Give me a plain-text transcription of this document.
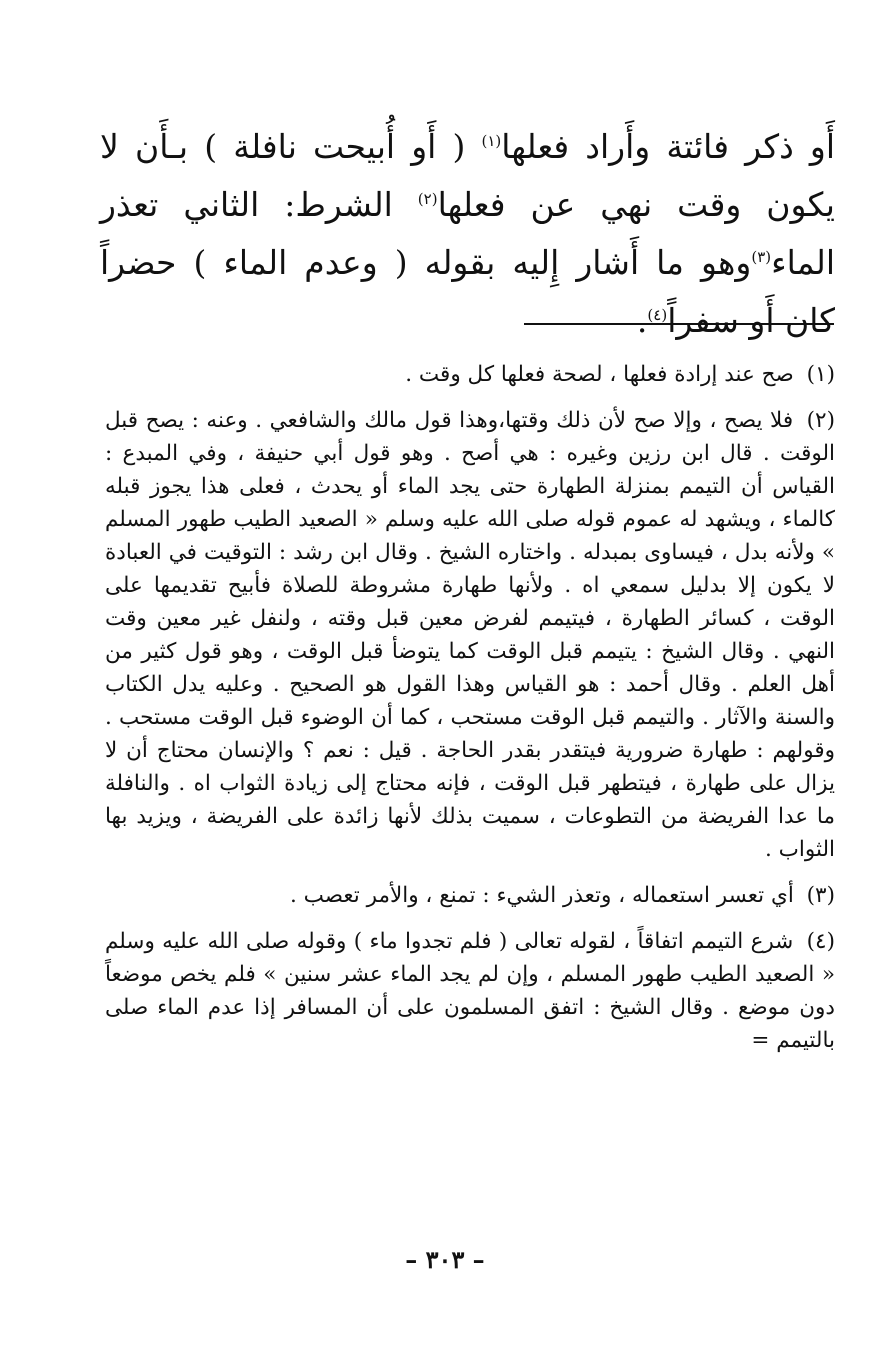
أَو ذكر فائتة وأَراد فعلها$^{(١)}$ ( أَو أُبيحت نافلة ) بـأَن لا يكون وقت نهي عن فعلها$^{(٢)}$ الشرط: الثاني تعذر الماء$^{(٣)}$وهو ما أَشار إِليه بقوله ( وعدم الماء ) حضراً كان أَو سفراً$^{(٤)}$.

(١) صح عند إرادة فعلها ، لصحة فعلها كل وقت .

(٢) فلا يصح ، وإلا صح لأن ذلك وقتها،وهذا قول مالك والشافعي . وعنه : يصح قبل الوقت . قال ابن رزين وغيره : هي أصح . وهو قول أبي حنيفة ، وفي المبدع : القياس أن التيمم بمنزلة الطهارة حتى يجد الماء أو يحدث ، فعلى هذا يجوز قبله كالماء ، ويشهد له عموم قوله صلى الله عليه وسلم « الصعيد الطيب طهور المسلم » ولأنه بدل ، فيساوى بمبدله . واختاره الشيخ . وقال ابن رشد : التوقيت في العبادة لا يكون إلا بدليل سمعي اه . ولأنها طهارة مشروطة للصلاة فأبيح تقديمها على الوقت ، كسائر الطهارة ، فيتيمم لفرض معين قبل وقته ، ولنفل غير معين وقت النهي . وقال الشيخ : يتيمم قبل الوقت كما يتوضأ قبل الوقت ، وهو قول كثير من أهل العلم . وقال أحمد : هو القياس وهذا القول هو الصحيح . وعليه يدل الكتاب والسنة والآثار . والتيمم قبل الوقت مستحب ، كما أن الوضوء قبل الوقت مستحب . وقولهم : طهارة ضرورية فيتقدر بقدر الحاجة . قيل : نعم ؟ والإنسان محتاج أن لا يزال على طهارة ، فيتطهر قبل الوقت ، فإنه محتاج إلى زيادة الثواب اه . والنافلة ما عدا الفريضة من التطوعات ، سميت بذلك لأنها زائدة على الفريضة ، ويزيد بها الثواب .

(٣) أي تعسر استعماله ، وتعذر الشيء : تمنع ، والأمر تعصب .

(٤) شرع التيمم اتفاقاً ، لقوله تعالى ( فلم تجدوا ماء ) وقوله صلى الله عليه وسلم « الصعيد الطيب طهور المسلم ، وإن لم يجد الماء عشر سنين » فلم يخص موضعاً دون موضع . وقال الشيخ : اتفق المسلمون على أن المسافر إذا عدم الماء صلى بالتيمم =

– ٣٠٣ –
